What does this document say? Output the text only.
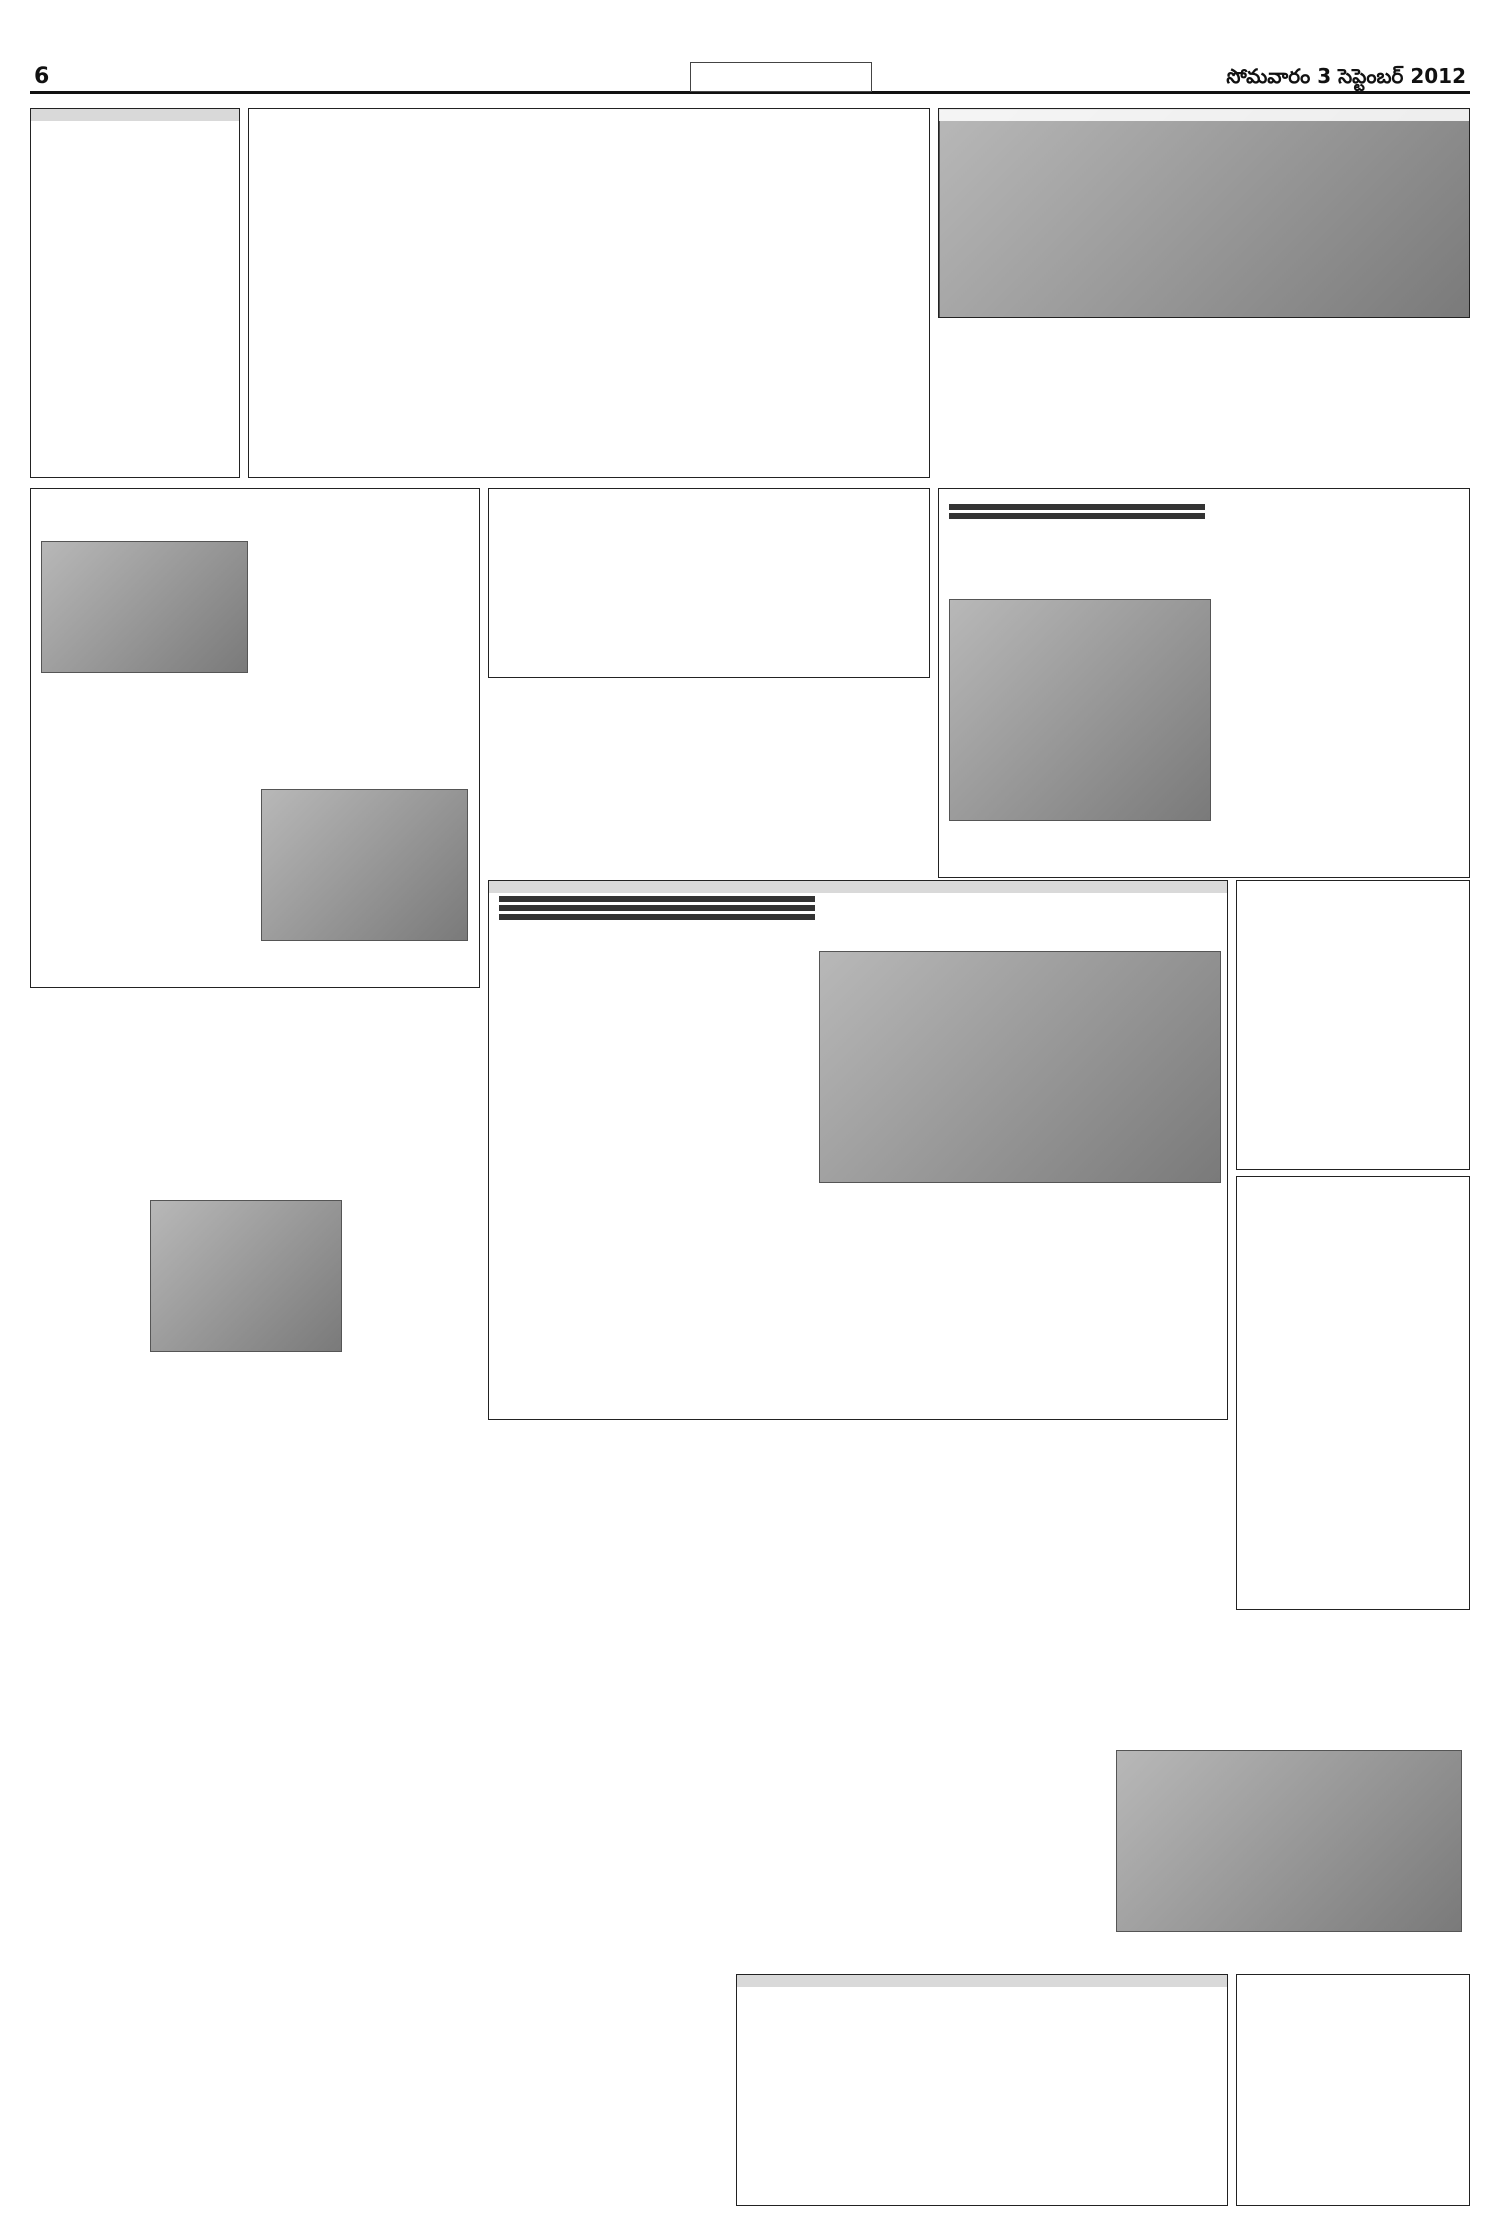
6	సోమవారం 3 సెప్టెంబర్ 2012
